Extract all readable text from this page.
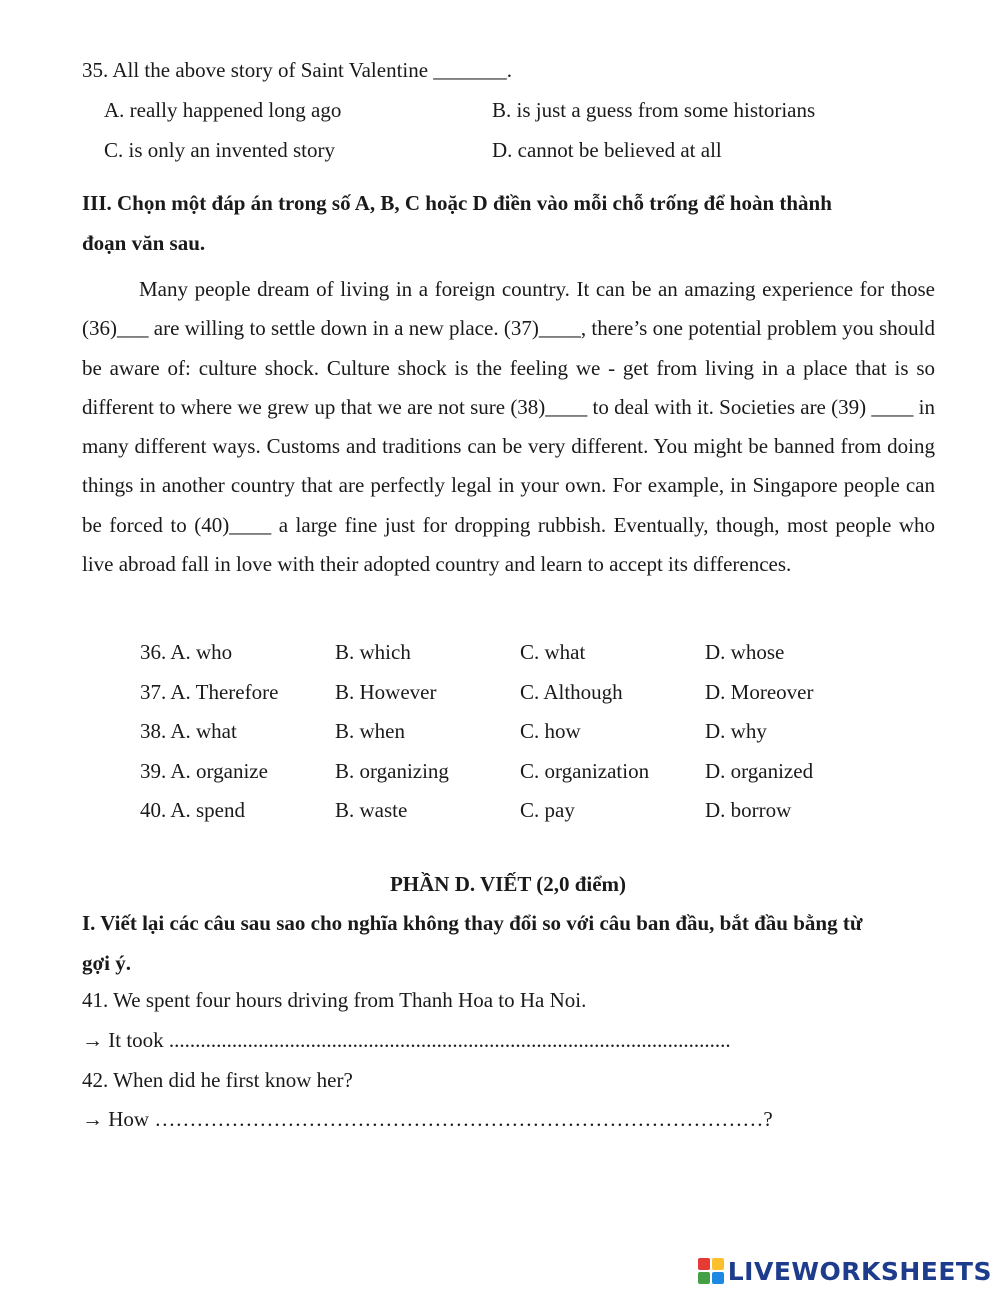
35. All the above story of Saint Valentine _______.
A. really happened long ago	B. is just a guess from some historians
C. is only an invented story	D. cannot be believed at all
III. Chọn một đáp án trong số A, B, C hoặc D điền vào mỗi chỗ trống để hoàn thành
đoạn văn sau.

Many people dream of living in a foreign country. It can be an amazing experience for those (36)___ are willing to settle down in a new place. (37)____, there’s one potential problem you should be aware of: culture shock. Culture shock is the feeling we - get from living in a place that is so different to where we grew up that we are not sure (38)____ to deal with it. Societies are (39) ____ in many different ways. Customs and traditions can be very different. You might be banned from doing things in another country that are perfectly legal in your own. For example, in Singapore people can be forced to (40)____ a large fine just for dropping rubbish. Eventually, though, most people who live abroad fall in love with their adopted country and learn to accept its differences.

36. A. who	B. which	C. what	D. whose
37. A. Therefore	B. However	C. Although	D. Moreover
38. A. what	B. when	C. how	D. why
39. A. organize	B. organizing	C. organization	D. organized
40. A. spend	B. waste	C. pay	D. borrow
PHẦN D. VIẾT (2,0 điểm)
I. Viết lại các câu sau sao cho nghĩa không thay đổi so với câu ban đầu, bắt đầu bằng từ
gợi ý.
41. We spent four hours driving from Thanh Hoa to Ha Noi.
→ It took ...........................................................................................................
42. When did he first know her?
→ How ……………………………………………………………………………?
LIVEWORKSHEETS
